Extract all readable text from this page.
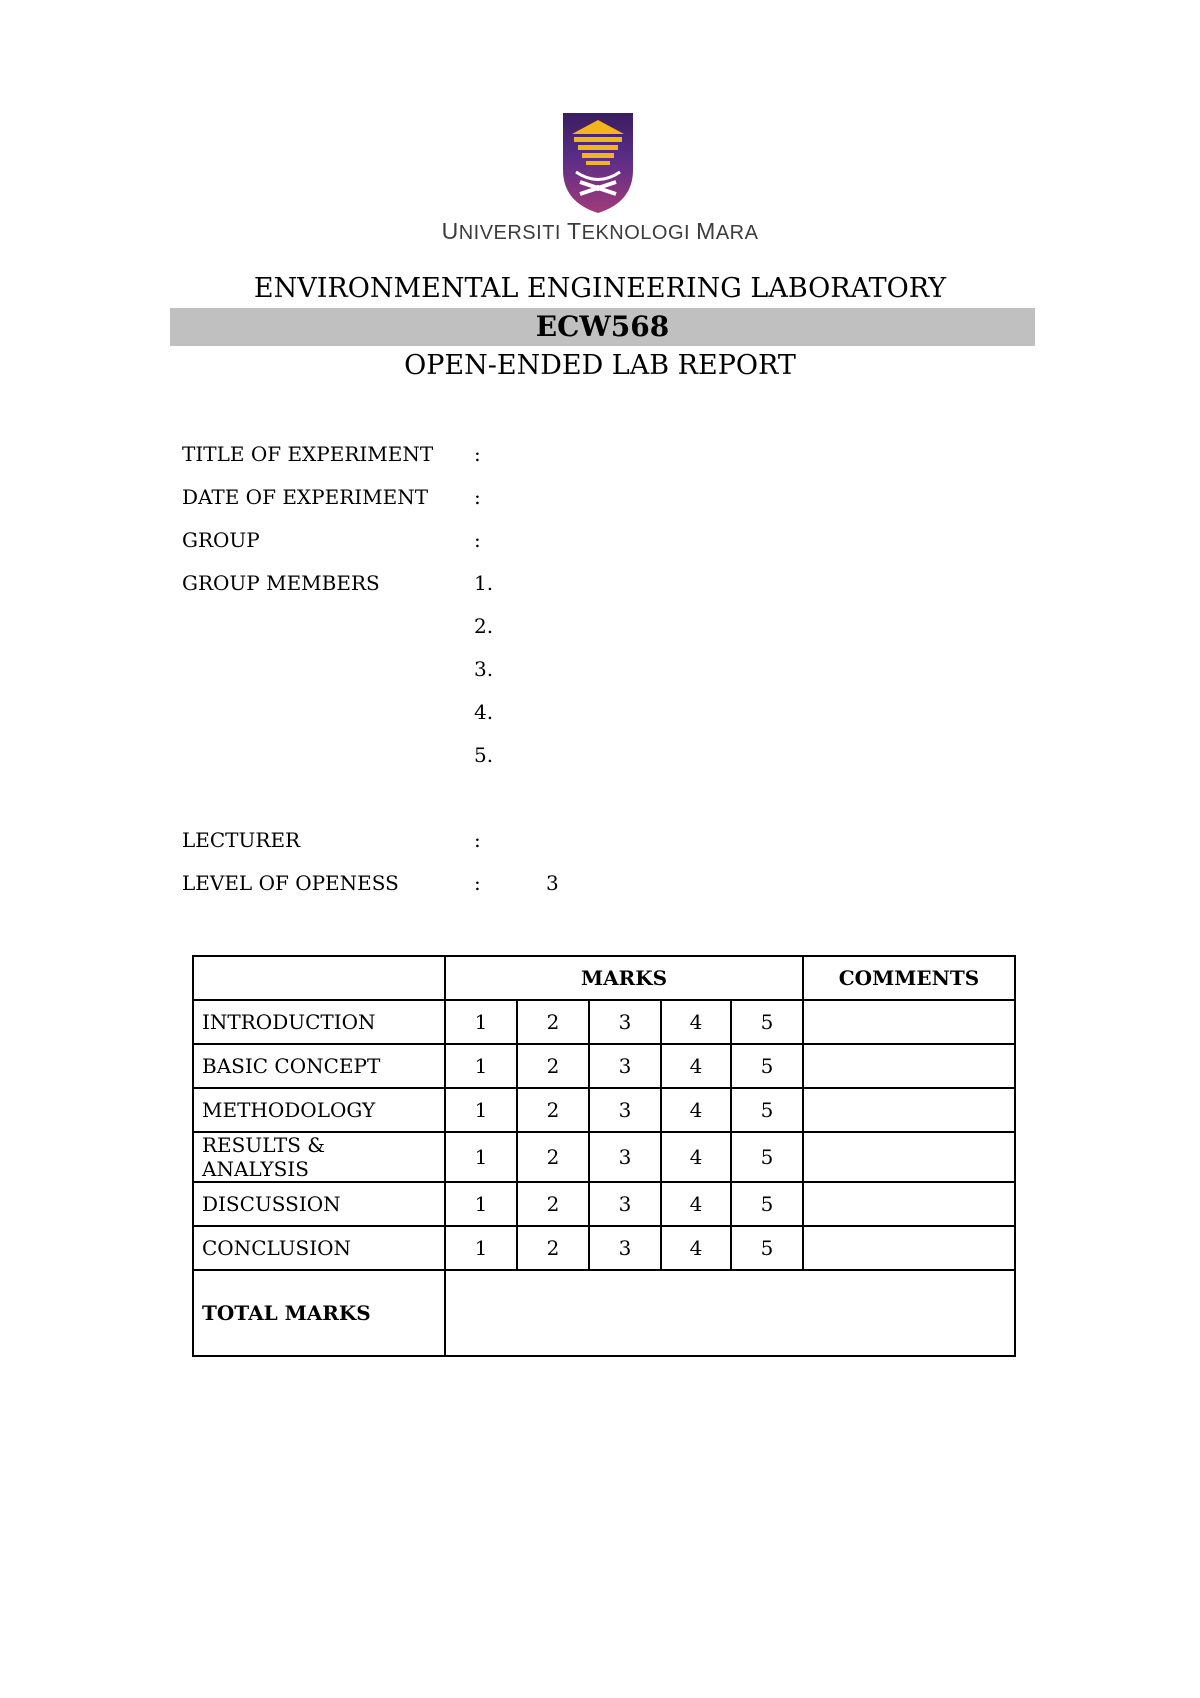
UNIVERSITI TEKNOLOGI MARA
ENVIRONMENTAL ENGINEERING LABORATORY
ECW568
OPEN-ENDED LAB REPORT
TITLE OF EXPERIMENT :
DATE OF EXPERIMENT :
GROUP	:
GROUP MEMBERS	1.
2.
3.
4.
5.
LECTURER	:
LEVEL OF OPENESS	:	3
	MARKS					COMMENTS
INTRODUCTION	1	2	3	4	5	
BASIC CONCEPT	1	2	3	4	5	
METHODOLOGY	1	2	3	4	5	
RESULTS & ANALYSIS	1	2	3	4	5	
DISCUSSION	1	2	3	4	5	
CONCLUSION	1	2	3	4	5	
TOTAL MARKS						
